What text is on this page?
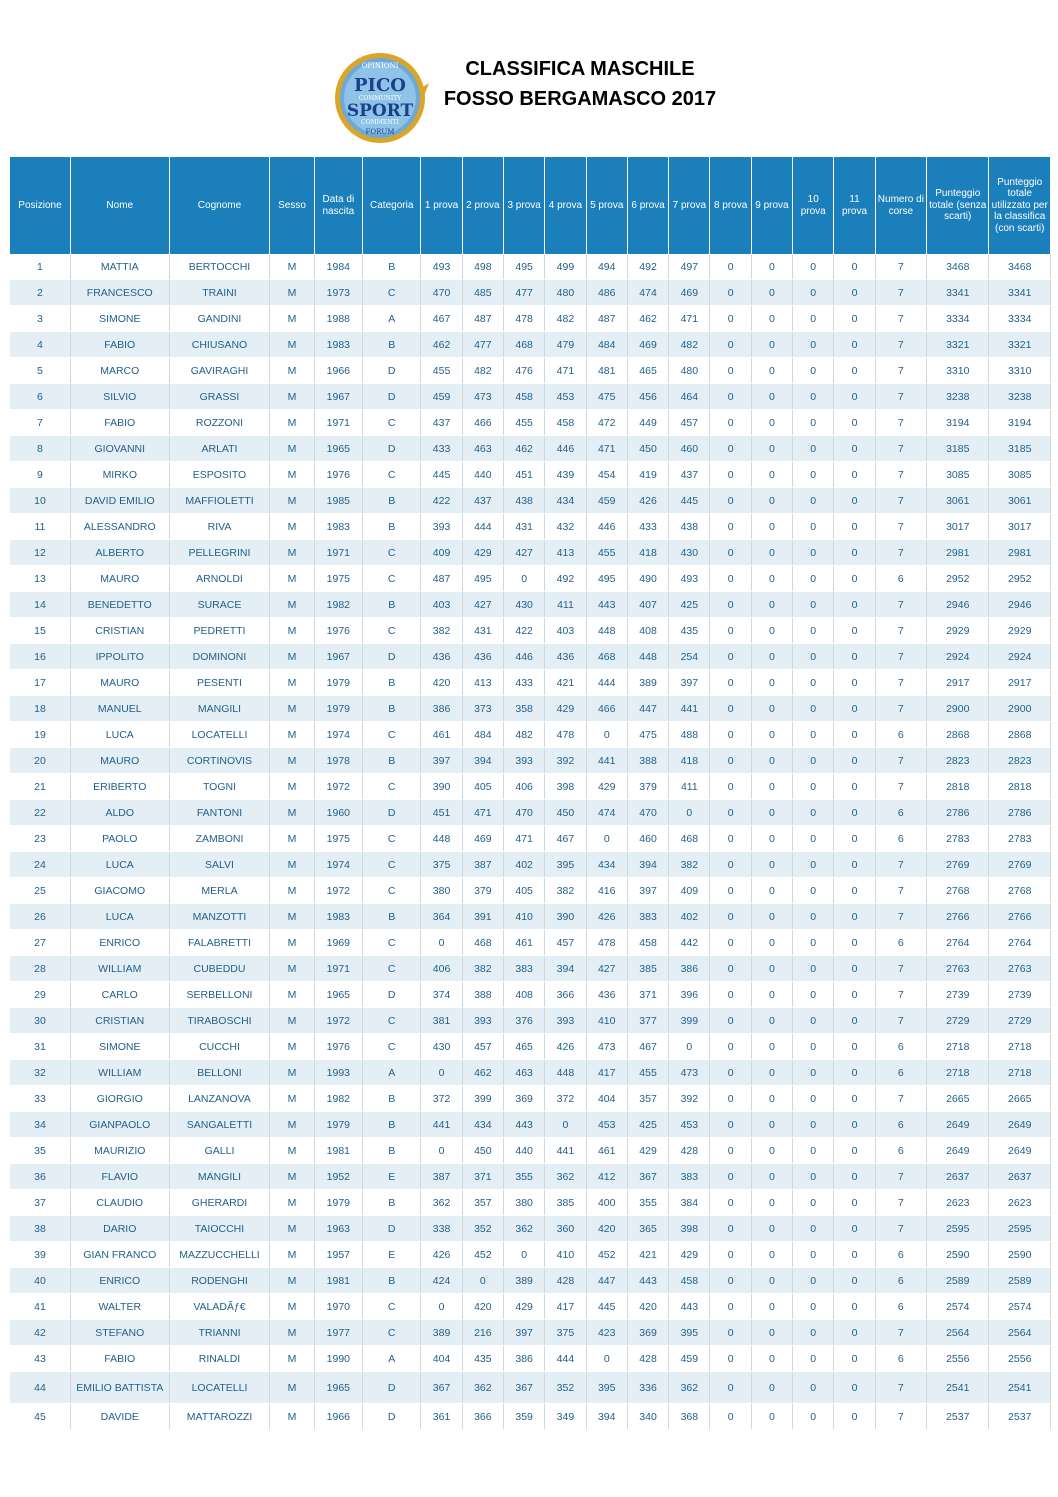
OPINIONI
PICO
COMMUNITY
SPORT
COMMENTI
FORUM
CLASSIFICA MASCHILE
FOSSO BERGAMASCO 2017
Posizione	Nome	Cognome	Sesso	Data di nascita	Categoria	1 prova	2 prova	3 prova	4 prova	5 prova	6 prova	7 prova	8 prova	9 prova	10 prova	11 prova	Numero di corse	Punteggio totale (senza scarti)	Punteggio totale utilizzato per la classifica (con scarti)
1	MATTIA	BERTOCCHI	M	1984	B	493	498	495	499	494	492	497	0	0	0	0	7	3468	3468
2	FRANCESCO	TRAINI	M	1973	C	470	485	477	480	486	474	469	0	0	0	0	7	3341	3341
3	SIMONE	GANDINI	M	1988	A	467	487	478	482	487	462	471	0	0	0	0	7	3334	3334
4	FABIO	CHIUSANO	M	1983	B	462	477	468	479	484	469	482	0	0	0	0	7	3321	3321
5	MARCO	GAVIRAGHI	M	1966	D	455	482	476	471	481	465	480	0	0	0	0	7	3310	3310
6	SILVIO	GRASSI	M	1967	D	459	473	458	453	475	456	464	0	0	0	0	7	3238	3238
7	FABIO	ROZZONI	M	1971	C	437	466	455	458	472	449	457	0	0	0	0	7	3194	3194
8	GIOVANNI	ARLATI	M	1965	D	433	463	462	446	471	450	460	0	0	0	0	7	3185	3185
9	MIRKO	ESPOSITO	M	1976	C	445	440	451	439	454	419	437	0	0	0	0	7	3085	3085
10	DAVID EMILIO	MAFFIOLETTI	M	1985	B	422	437	438	434	459	426	445	0	0	0	0	7	3061	3061
11	ALESSANDRO	RIVA	M	1983	B	393	444	431	432	446	433	438	0	0	0	0	7	3017	3017
12	ALBERTO	PELLEGRINI	M	1971	C	409	429	427	413	455	418	430	0	0	0	0	7	2981	2981
13	MAURO	ARNOLDI	M	1975	C	487	495	0	492	495	490	493	0	0	0	0	6	2952	2952
14	BENEDETTO	SURACE	M	1982	B	403	427	430	411	443	407	425	0	0	0	0	7	2946	2946
15	CRISTIAN	PEDRETTI	M	1976	C	382	431	422	403	448	408	435	0	0	0	0	7	2929	2929
16	IPPOLITO	DOMINONI	M	1967	D	436	436	446	436	468	448	254	0	0	0	0	7	2924	2924
17	MAURO	PESENTI	M	1979	B	420	413	433	421	444	389	397	0	0	0	0	7	2917	2917
18	MANUEL	MANGILI	M	1979	B	386	373	358	429	466	447	441	0	0	0	0	7	2900	2900
19	LUCA	LOCATELLI	M	1974	C	461	484	482	478	0	475	488	0	0	0	0	6	2868	2868
20	MAURO	CORTINOVIS	M	1978	B	397	394	393	392	441	388	418	0	0	0	0	7	2823	2823
21	ERIBERTO	TOGNI	M	1972	C	390	405	406	398	429	379	411	0	0	0	0	7	2818	2818
22	ALDO	FANTONI	M	1960	D	451	471	470	450	474	470	0	0	0	0	0	6	2786	2786
23	PAOLO	ZAMBONI	M	1975	C	448	469	471	467	0	460	468	0	0	0	0	6	2783	2783
24	LUCA	SALVI	M	1974	C	375	387	402	395	434	394	382	0	0	0	0	7	2769	2769
25	GIACOMO	MERLA	M	1972	C	380	379	405	382	416	397	409	0	0	0	0	7	2768	2768
26	LUCA	MANZOTTI	M	1983	B	364	391	410	390	426	383	402	0	0	0	0	7	2766	2766
27	ENRICO	FALABRETTI	M	1969	C	0	468	461	457	478	458	442	0	0	0	0	6	2764	2764
28	WILLIAM	CUBEDDU	M	1971	C	406	382	383	394	427	385	386	0	0	0	0	7	2763	2763
29	CARLO	SERBELLONI	M	1965	D	374	388	408	366	436	371	396	0	0	0	0	7	2739	2739
30	CRISTIAN	TIRABOSCHI	M	1972	C	381	393	376	393	410	377	399	0	0	0	0	7	2729	2729
31	SIMONE	CUCCHI	M	1976	C	430	457	465	426	473	467	0	0	0	0	0	6	2718	2718
32	WILLIAM	BELLONI	M	1993	A	0	462	463	448	417	455	473	0	0	0	0	6	2718	2718
33	GIORGIO	LANZANOVA	M	1982	B	372	399	369	372	404	357	392	0	0	0	0	7	2665	2665
34	GIANPAOLO	SANGALETTI	M	1979	B	441	434	443	0	453	425	453	0	0	0	0	6	2649	2649
35	MAURIZIO	GALLI	M	1981	B	0	450	440	441	461	429	428	0	0	0	0	6	2649	2649
36	FLAVIO	MANGILI	M	1952	E	387	371	355	362	412	367	383	0	0	0	0	7	2637	2637
37	CLAUDIO	GHERARDI	M	1979	B	362	357	380	385	400	355	384	0	0	0	0	7	2623	2623
38	DARIO	TAIOCCHI	M	1963	D	338	352	362	360	420	365	398	0	0	0	0	7	2595	2595
39	GIAN FRANCO	MAZZUCCHELLI	M	1957	E	426	452	0	410	452	421	429	0	0	0	0	6	2590	2590
40	ENRICO	RODENGHI	M	1981	B	424	0	389	428	447	443	458	0	0	0	0	6	2589	2589
41	WALTER	VALADÃƒ€	M	1970	C	0	420	429	417	445	420	443	0	0	0	0	6	2574	2574
42	STEFANO	TRIANNI	M	1977	C	389	216	397	375	423	369	395	0	0	0	0	7	2564	2564
43	FABIO	RINALDI	M	1990	A	404	435	386	444	0	428	459	0	0	0	0	6	2556	2556
44	EMILIO BATTISTA	LOCATELLI	M	1965	D	367	362	367	352	395	336	362	0	0	0	0	7	2541	2541
45	DAVIDE	MATTAROZZI	M	1966	D	361	366	359	349	394	340	368	0	0	0	0	7	2537	2537
